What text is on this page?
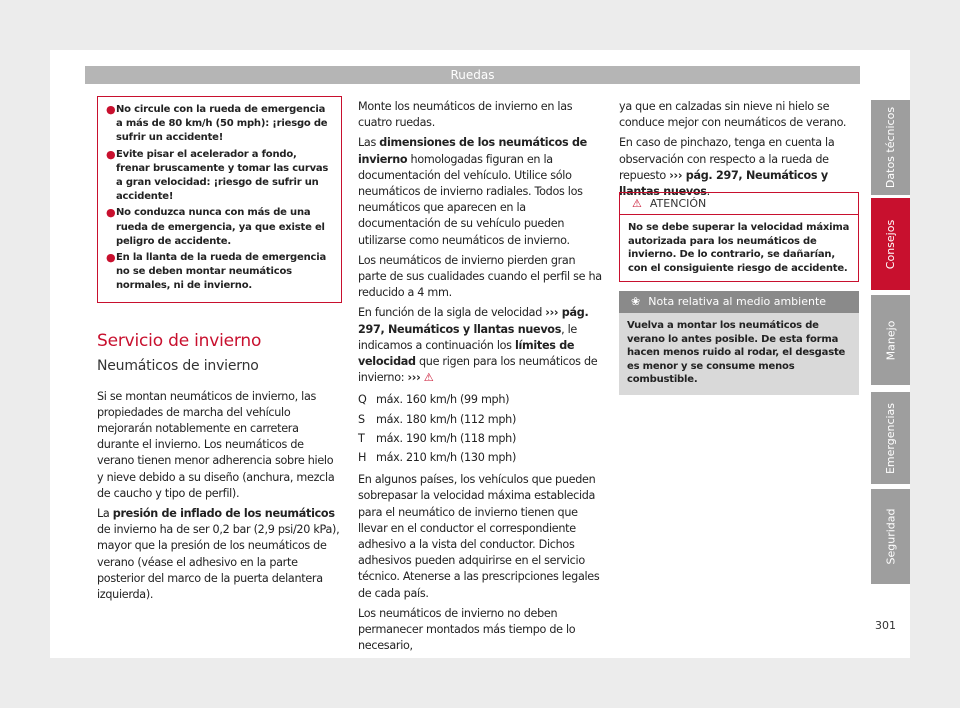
Ruedas
● No circule con la rueda de emergencia a más de 80 km/h (50 mph): ¡riesgo de sufrir un accidente!
● Evite pisar el acelerador a fondo, frenar bruscamente y tomar las curvas a gran velocidad: ¡riesgo de sufrir un accidente!
● No conduzca nunca con más de una rueda de emergencia, ya que existe el peligro de accidente.
● En la llanta de la rueda de emergencia no se deben montar neumáticos normales, ni de invierno.
Servicio de invierno
Neumáticos de invierno

Si se montan neumáticos de invierno, las propiedades de marcha del vehículo mejorarán notablemente en carretera durante el invierno. Los neumáticos de verano tienen menor adherencia sobre hielo y nieve debido a su diseño (anchura, mezcla de caucho y tipo de perfil).

La presión de inflado de los neumáticos de invierno ha de ser 0,2 bar (2,9 psi/20 kPa), mayor que la presión de los neumáticos de verano (véase el adhesivo en la parte posterior del marco de la puerta delantera izquierda).

Monte los neumáticos de invierno en las cuatro ruedas.

Las dimensiones de los neumáticos de invierno homologadas figuran en la documentación del vehículo. Utilice sólo neumáticos de invierno radiales. Todos los neumáticos que aparecen en la documentación de su vehículo pueden utilizarse como neumáticos de invierno.

Los neumáticos de invierno pierden gran parte de sus cualidades cuando el perfil se ha reducido a 4 mm.

En función de la sigla de velocidad ››› pág. 297, Neumáticos y llantas nuevos, le indicamos a continuación los límites de velocidad que rigen para los neumáticos de invierno: ››› ⚠

Q máx. 160 km/h (99 mph)
S máx. 180 km/h (112 mph)
T	máx. 190 km/h (118 mph)
H máx. 210 km/h (130 mph)

En algunos países, los vehículos que pueden sobrepasar la velocidad máxima establecida para el neumático de invierno tienen que llevar en el conductor el correspondiente adhesivo a la vista del conductor. Dichos adhesivos pueden adquirirse en el servicio técnico. Atenerse a las prescripciones legales de cada país.

Los neumáticos de invierno no deben permanecer montados más tiempo de lo necesario,

ya que en calzadas sin nieve ni hielo se conduce mejor con neumáticos de verano.

En caso de pinchazo, tenga en cuenta la observación con respecto a la rueda de repuesto ››› pág. 297, Neumáticos y llantas nuevos.

⚠ ATENCIÓN
No se debe superar la velocidad máxima autorizada para los neumáticos de invierno. De lo contrario, se dañarían, con el consiguiente riesgo de accidente.
❀ Nota relativa al medio ambiente
Vuelva a montar los neumáticos de verano lo antes posible. De esta forma hacen menos ruido al rodar, el desgaste es menor y se consume menos combustible.
Datos técnicos
Consejos
Manejo
Emergencias
Seguridad
301
